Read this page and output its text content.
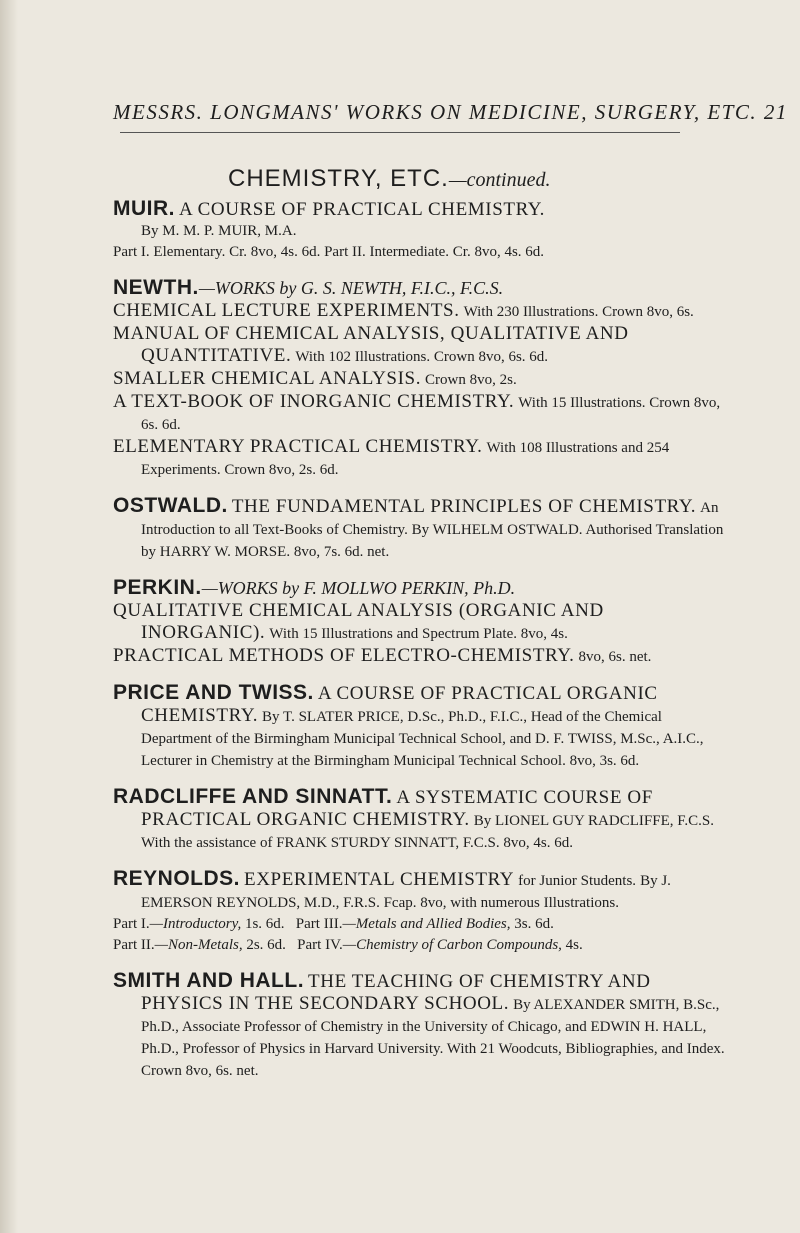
MESSRS. LONGMANS' WORKS ON MEDICINE, SURGERY, ETC. 21
CHEMISTRY, ETC.—continued.

MUIR. A COURSE OF PRACTICAL CHEMISTRY.

By M. M. P. MUIR, M.A.

Part I. Elementary. Cr. 8vo, 4s. 6d. Part II. Intermediate. Cr. 8vo, 4s. 6d.

NEWTH.—WORKS by G. S. NEWTH, F.I.C., F.C.S.

CHEMICAL LECTURE EXPERIMENTS. With 230 Illustrations. Crown 8vo, 6s.

MANUAL OF CHEMICAL ANALYSIS, QUALITATIVE AND QUANTITATIVE. With 102 Illustrations. Crown 8vo, 6s. 6d.

SMALLER CHEMICAL ANALYSIS. Crown 8vo, 2s.

A TEXT-BOOK OF INORGANIC CHEMISTRY. With 15 Illustrations. Crown 8vo, 6s. 6d.

ELEMENTARY PRACTICAL CHEMISTRY. With 108 Illustrations and 254 Experiments. Crown 8vo, 2s. 6d.

OSTWALD. THE FUNDAMENTAL PRINCIPLES OF CHEMISTRY. An Introduction to all Text-Books of Chemistry. By WILHELM OSTWALD. Authorised Translation by HARRY W. MORSE. 8vo, 7s. 6d. net.

PERKIN.—WORKS by F. MOLLWO PERKIN, Ph.D.

QUALITATIVE CHEMICAL ANALYSIS (ORGANIC AND INORGANIC). With 15 Illustrations and Spectrum Plate. 8vo, 4s.

PRACTICAL METHODS OF ELECTRO-CHEMISTRY. 8vo, 6s. net.

PRICE AND TWISS. A COURSE OF PRACTICAL ORGANIC CHEMISTRY. By T. SLATER PRICE, D.Sc., Ph.D., F.I.C., Head of the Chemical Department of the Birmingham Municipal Technical School, and D. F. TWISS, M.Sc., A.I.C., Lecturer in Chemistry at the Birmingham Municipal Technical School. 8vo, 3s. 6d.

RADCLIFFE AND SINNATT. A SYSTEMATIC COURSE OF PRACTICAL ORGANIC CHEMISTRY. By LIONEL GUY RADCLIFFE, F.C.S. With the assistance of FRANK STURDY SINNATT, F.C.S. 8vo, 4s. 6d.

REYNOLDS. EXPERIMENTAL CHEMISTRY for Junior Students. By J. EMERSON REYNOLDS, M.D., F.R.S. Fcap. 8vo, with numerous Illustrations.

Part I.—Introductory, 1s. 6d. Part III.—Metals and Allied Bodies, 3s. 6d.

Part II.—Non-Metals, 2s. 6d. Part IV.—Chemistry of Carbon Compounds, 4s.

SMITH AND HALL. THE TEACHING OF CHEMISTRY AND PHYSICS IN THE SECONDARY SCHOOL. By ALEXANDER SMITH, B.Sc., Ph.D., Associate Professor of Chemistry in the University of Chicago, and EDWIN H. HALL, Ph.D., Professor of Physics in Harvard University. With 21 Woodcuts, Bibliographies, and Index. Crown 8vo, 6s. net.
